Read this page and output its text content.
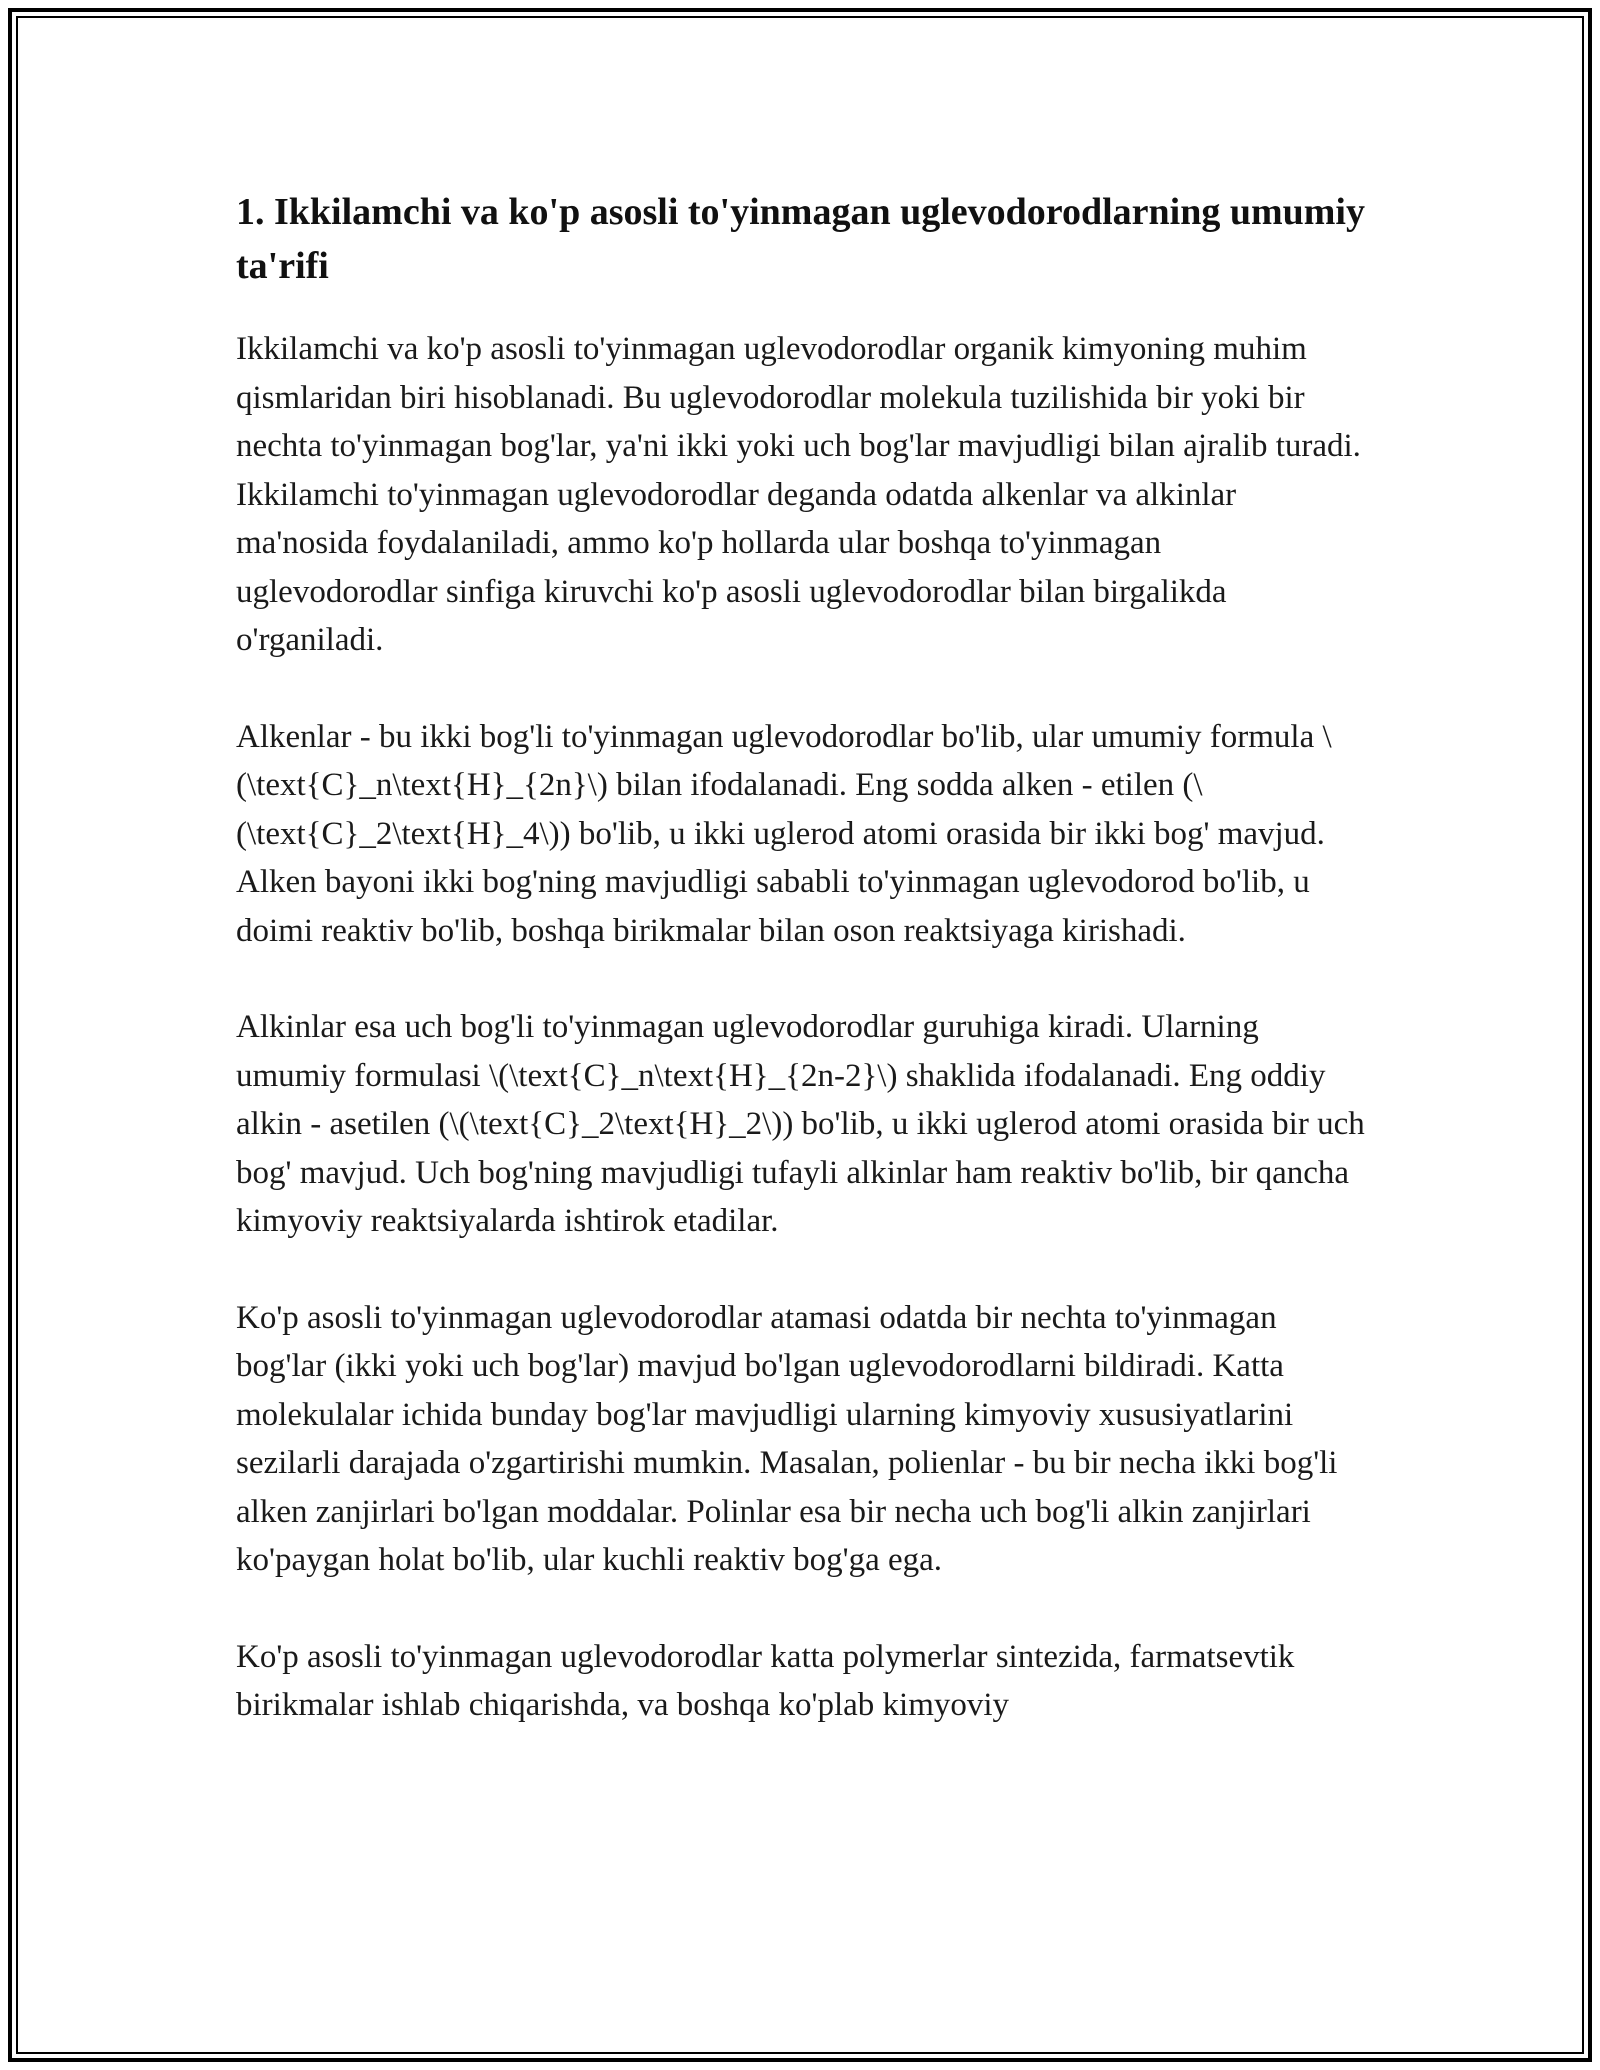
1. Ikkilamchi va ko'p asosli to'yinmagan uglevodorodlarning umumiy ta'rifi

Ikkilamchi va ko'p asosli to'yinmagan uglevodorodlar organik kimyoning muhim qismlaridan biri hisoblanadi. Bu uglevodorodlar molekula tuzilishida bir yoki bir nechta to'yinmagan bog'lar, ya'ni ikki yoki uch bog'lar mavjudligi bilan ajralib turadi. Ikkilamchi to'yinmagan uglevodorodlar deganda odatda alkenlar va alkinlar ma'nosida foydalaniladi, ammo ko'p hollarda ular boshqa to'yinmagan uglevodorodlar sinfiga kiruvchi ko'p asosli uglevodorodlar bilan birgalikda o'rganiladi.

Alkenlar - bu ikki bog'li to'yinmagan uglevodorodlar bo'lib, ular umumiy formula \(\text{C}_n\text{H}_{2n}\) bilan ifodalanadi. Eng sodda alken - etilen (\(\text{C}_2\text{H}_4\)) bo'lib, u ikki uglerod atomi orasida bir ikki bog' mavjud. Alken bayoni ikki bog'ning mavjudligi sababli to'yinmagan uglevodorod bo'lib, u doimi reaktiv bo'lib, boshqa birikmalar bilan oson reaktsiyaga kirishadi.

Alkinlar esa uch bog'li to'yinmagan uglevodorodlar guruhiga kiradi. Ularning umumiy formulasi \(\text{C}_n\text{H}_{2n-2}\) shaklida ifodalanadi. Eng oddiy alkin - asetilen (\(\text{C}_2\text{H}_2\)) bo'lib, u ikki uglerod atomi orasida bir uch bog' mavjud. Uch bog'ning mavjudligi tufayli alkinlar ham reaktiv bo'lib, bir qancha kimyoviy reaktsiyalarda ishtirok etadilar.

Ko'p asosli to'yinmagan uglevodorodlar atamasi odatda bir nechta to'yinmagan bog'lar (ikki yoki uch bog'lar) mavjud bo'lgan uglevodorodlarni bildiradi. Katta molekulalar ichida bunday bog'lar mavjudligi ularning kimyoviy xususiyatlarini sezilarli darajada o'zgartirishi mumkin. Masalan, polienlar - bu bir necha ikki bog'li alken zanjirlari bo'lgan moddalar. Polinlar esa bir necha uch bog'li alkin zanjirlari ko'paygan holat bo'lib, ular kuchli reaktiv bog'ga ega.

Ko'p asosli to'yinmagan uglevodorodlar katta polymerlar sintezida, farmatsevtik birikmalar ishlab chiqarishda, va boshqa ko'plab kimyoviy
